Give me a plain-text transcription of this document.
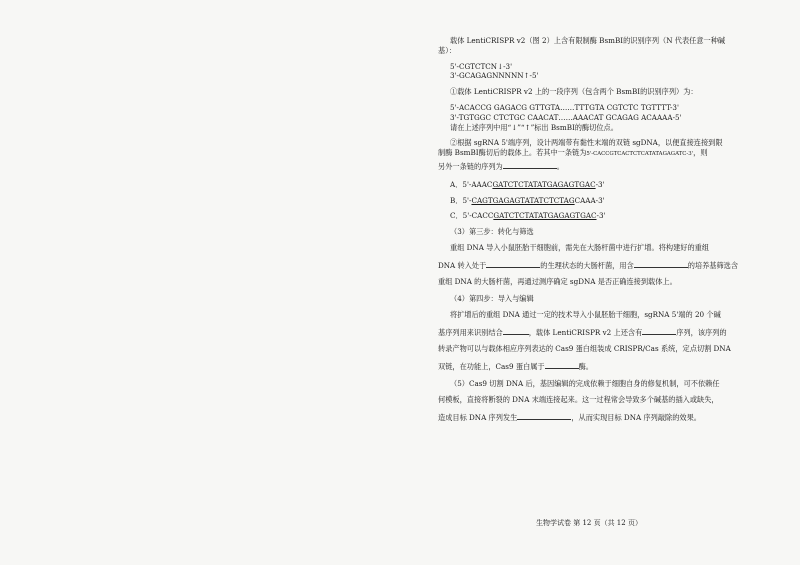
载体 LentiCRISPR v2（图 2）上含有限制酶 BsmBⅠ的识别序列（N 代表任意一种碱
基）：
5'-CGTCTCN↓-3'
3'-GCAGAGNNNNN↑-5'
①载体 LentiCRISPR v2 上的一段序列（包含两个 BsmBⅠ的识别序列）为：
5'-ACACCG GAGACG GTTGTA……TTTGTA CGTCTC TGTTTT-3'
3'-TGTGGC CTCTGC CAACAT……AAACAT GCAGAG ACAAAA-5'
请在上述序列中用“↓”“↑”标出 BsmBⅠ的酶切位点。
②根据 sgRNA 5'端序列，设计两端带有黏性末端的双链 sgDNA，以便直接连接到限
制酶 BsmBⅠ酶切后的载体上。若其中一条链为5'-CACCGTCACTCTCATATAGAGATC-3'，则
另外一条链的序列为	。
A．5'-AAACGATCTCTATATGAGAGTGAC-3'
B．5'-CAGTGAGAGTATATCTCTAGCAAA-3'
C．5'-CACCGATCTCTATATGAGAGTGAC-3'
（3）第三步：转化与筛选
重组 DNA 导入小鼠胚胎干细胞前，需先在大肠杆菌中进行扩增。将构建好的重组
DNA 转入处于	的生理状态的大肠杆菌，用含	的培养基筛选含
重组 DNA 的大肠杆菌，再通过测序确定 sgDNA 是否正确连接到载体上。
（4）第四步：导入与编辑
将扩增后的重组 DNA 通过一定的技术导入小鼠胚胎干细胞，sgRNA 5'端的 20 个碱
基序列用来识别结合	，载体 LentiCRISPR v2 上还含有	序列，该序列的
转录产物可以与载体相应序列表达的 Cas9 蛋白组装成 CRISPR/Cas 系统，定点切割 DNA
双链，在功能上，Cas9 蛋白属于	酶。
（5）Cas9 切割 DNA 后，基因编辑的完成依赖于细胞自身的修复机制，可不依赖任
何模板，直接将断裂的 DNA 末端连接起来。这一过程常会导致多个碱基的插入或缺失，
造成目标 DNA 序列发生	，从而实现目标 DNA 序列敲除的效果。
生物学试卷 第 12 页（共 12 页）
